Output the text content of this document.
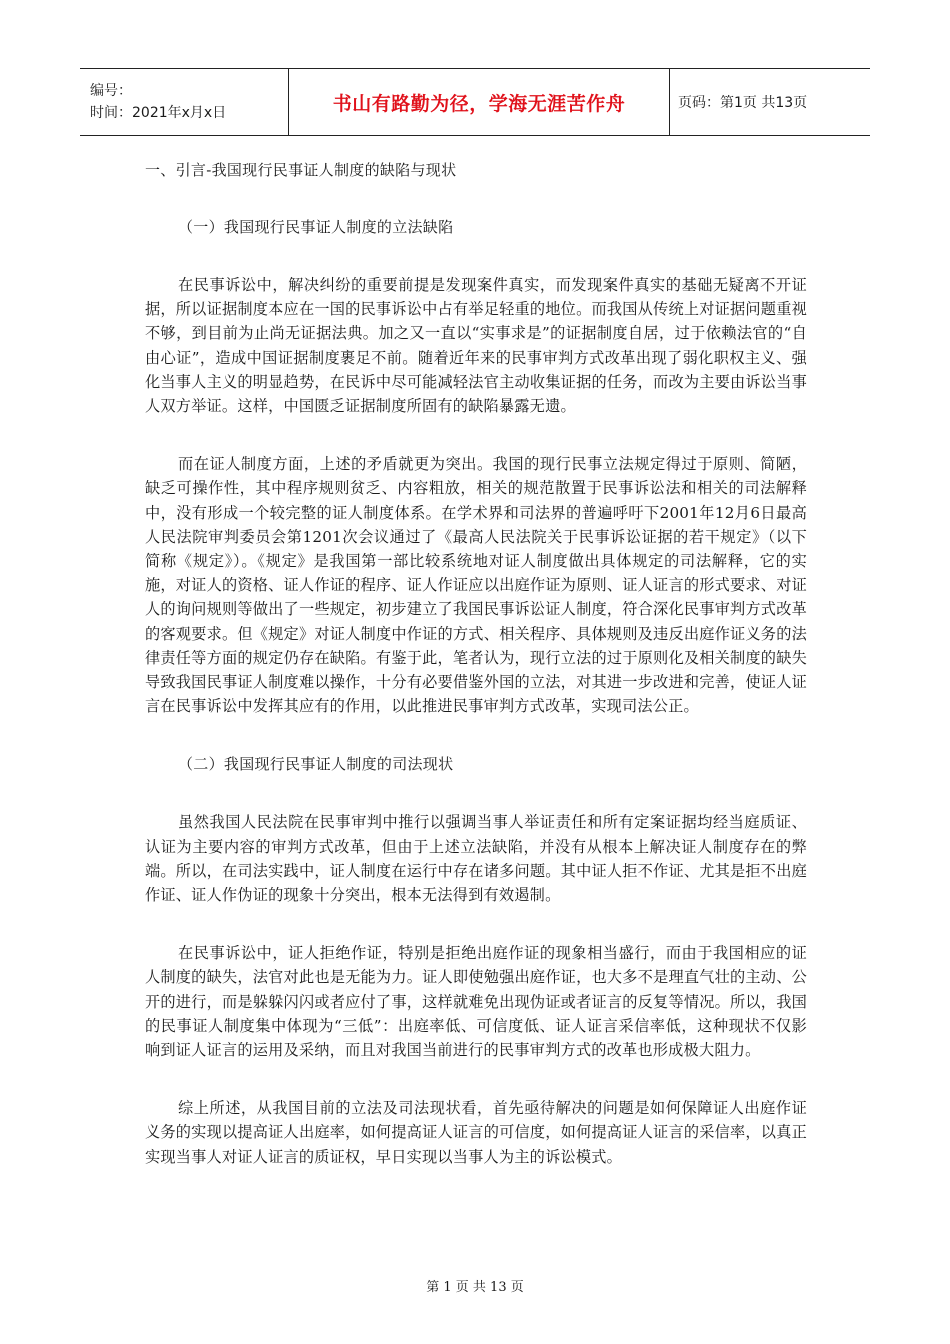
编号：
时间：2021年x月x日	书山有路勤为径，学海无涯苦作舟	页码：第1页 共13页
一、引言-我国现行民事证人制度的缺陷与现状
（一）我国现行民事证人制度的立法缺陷

在民事诉讼中，解决纠纷的重要前提是发现案件真实，而发现案件真实的基础无疑离不开证据，所以证据制度本应在一国的民事诉讼中占有举足轻重的地位。而我国从传统上对证据问题重视不够，到目前为止尚无证据法典。加之又一直以“实事求是”的证据制度自居，过于依赖法官的“自由心证”，造成中国证据制度裹足不前。随着近年来的民事审判方式改革出现了弱化职权主义、强化当事人主义的明显趋势，在民诉中尽可能减轻法官主动收集证据的任务，而改为主要由诉讼当事人双方举证。这样，中国匮乏证据制度所固有的缺陷暴露无遗。

而在证人制度方面，上述的矛盾就更为突出。我国的现行民事立法规定得过于原则、简陋，缺乏可操作性，其中程序规则贫乏、内容粗放，相关的规范散置于民事诉讼法和相关的司法解释中，没有形成一个较完整的证人制度体系。在学术界和司法界的普遍呼吁下2001年12月6日最高人民法院审判委员会第1201次会议通过了《最高人民法院关于民事诉讼证据的若干规定》（以下简称《规定》）。《规定》是我国第一部比较系统地对证人制度做出具体规定的司法解释，它的实施，对证人的资格、证人作证的程序、证人作证应以出庭作证为原则、证人证言的形式要求、对证人的询问规则等做出了一些规定，初步建立了我国民事诉讼证人制度，符合深化民事审判方式改革的客观要求。但《规定》对证人制度中作证的方式、相关程序、具体规则及违反出庭作证义务的法律责任等方面的规定仍存在缺陷。有鉴于此，笔者认为，现行立法的过于原则化及相关制度的缺失导致我国民事证人制度难以操作，十分有必要借鉴外国的立法，对其进一步改进和完善，使证人证言在民事诉讼中发挥其应有的作用，以此推进民事审判方式改革，实现司法公正。

（二）我国现行民事证人制度的司法现状

虽然我国人民法院在民事审判中推行以强调当事人举证责任和所有定案证据均经当庭质证、认证为主要内容的审判方式改革，但由于上述立法缺陷，并没有从根本上解决证人制度存在的弊端。所以，在司法实践中，证人制度在运行中存在诸多问题。其中证人拒不作证、尤其是拒不出庭作证、证人作伪证的现象十分突出，根本无法得到有效遏制。

在民事诉讼中，证人拒绝作证，特别是拒绝出庭作证的现象相当盛行，而由于我国相应的证人制度的缺失，法官对此也是无能为力。证人即使勉强出庭作证，也大多不是理直气壮的主动、公开的进行，而是躲躲闪闪或者应付了事，这样就难免出现伪证或者证言的反复等情况。所以，我国的民事证人制度集中体现为“三低”：出庭率低、可信度低、证人证言采信率低，这种现状不仅影响到证人证言的运用及采纳，而且对我国当前进行的民事审判方式的改革也形成极大阻力。

综上所述，从我国目前的立法及司法现状看，首先亟待解决的问题是如何保障证人出庭作证义务的实现以提高证人出庭率，如何提高证人证言的可信度，如何提高证人证言的采信率，以真正实现当事人对证人证言的质证权，早日实现以当事人为主的诉讼模式。

第 1 页 共 13 页
